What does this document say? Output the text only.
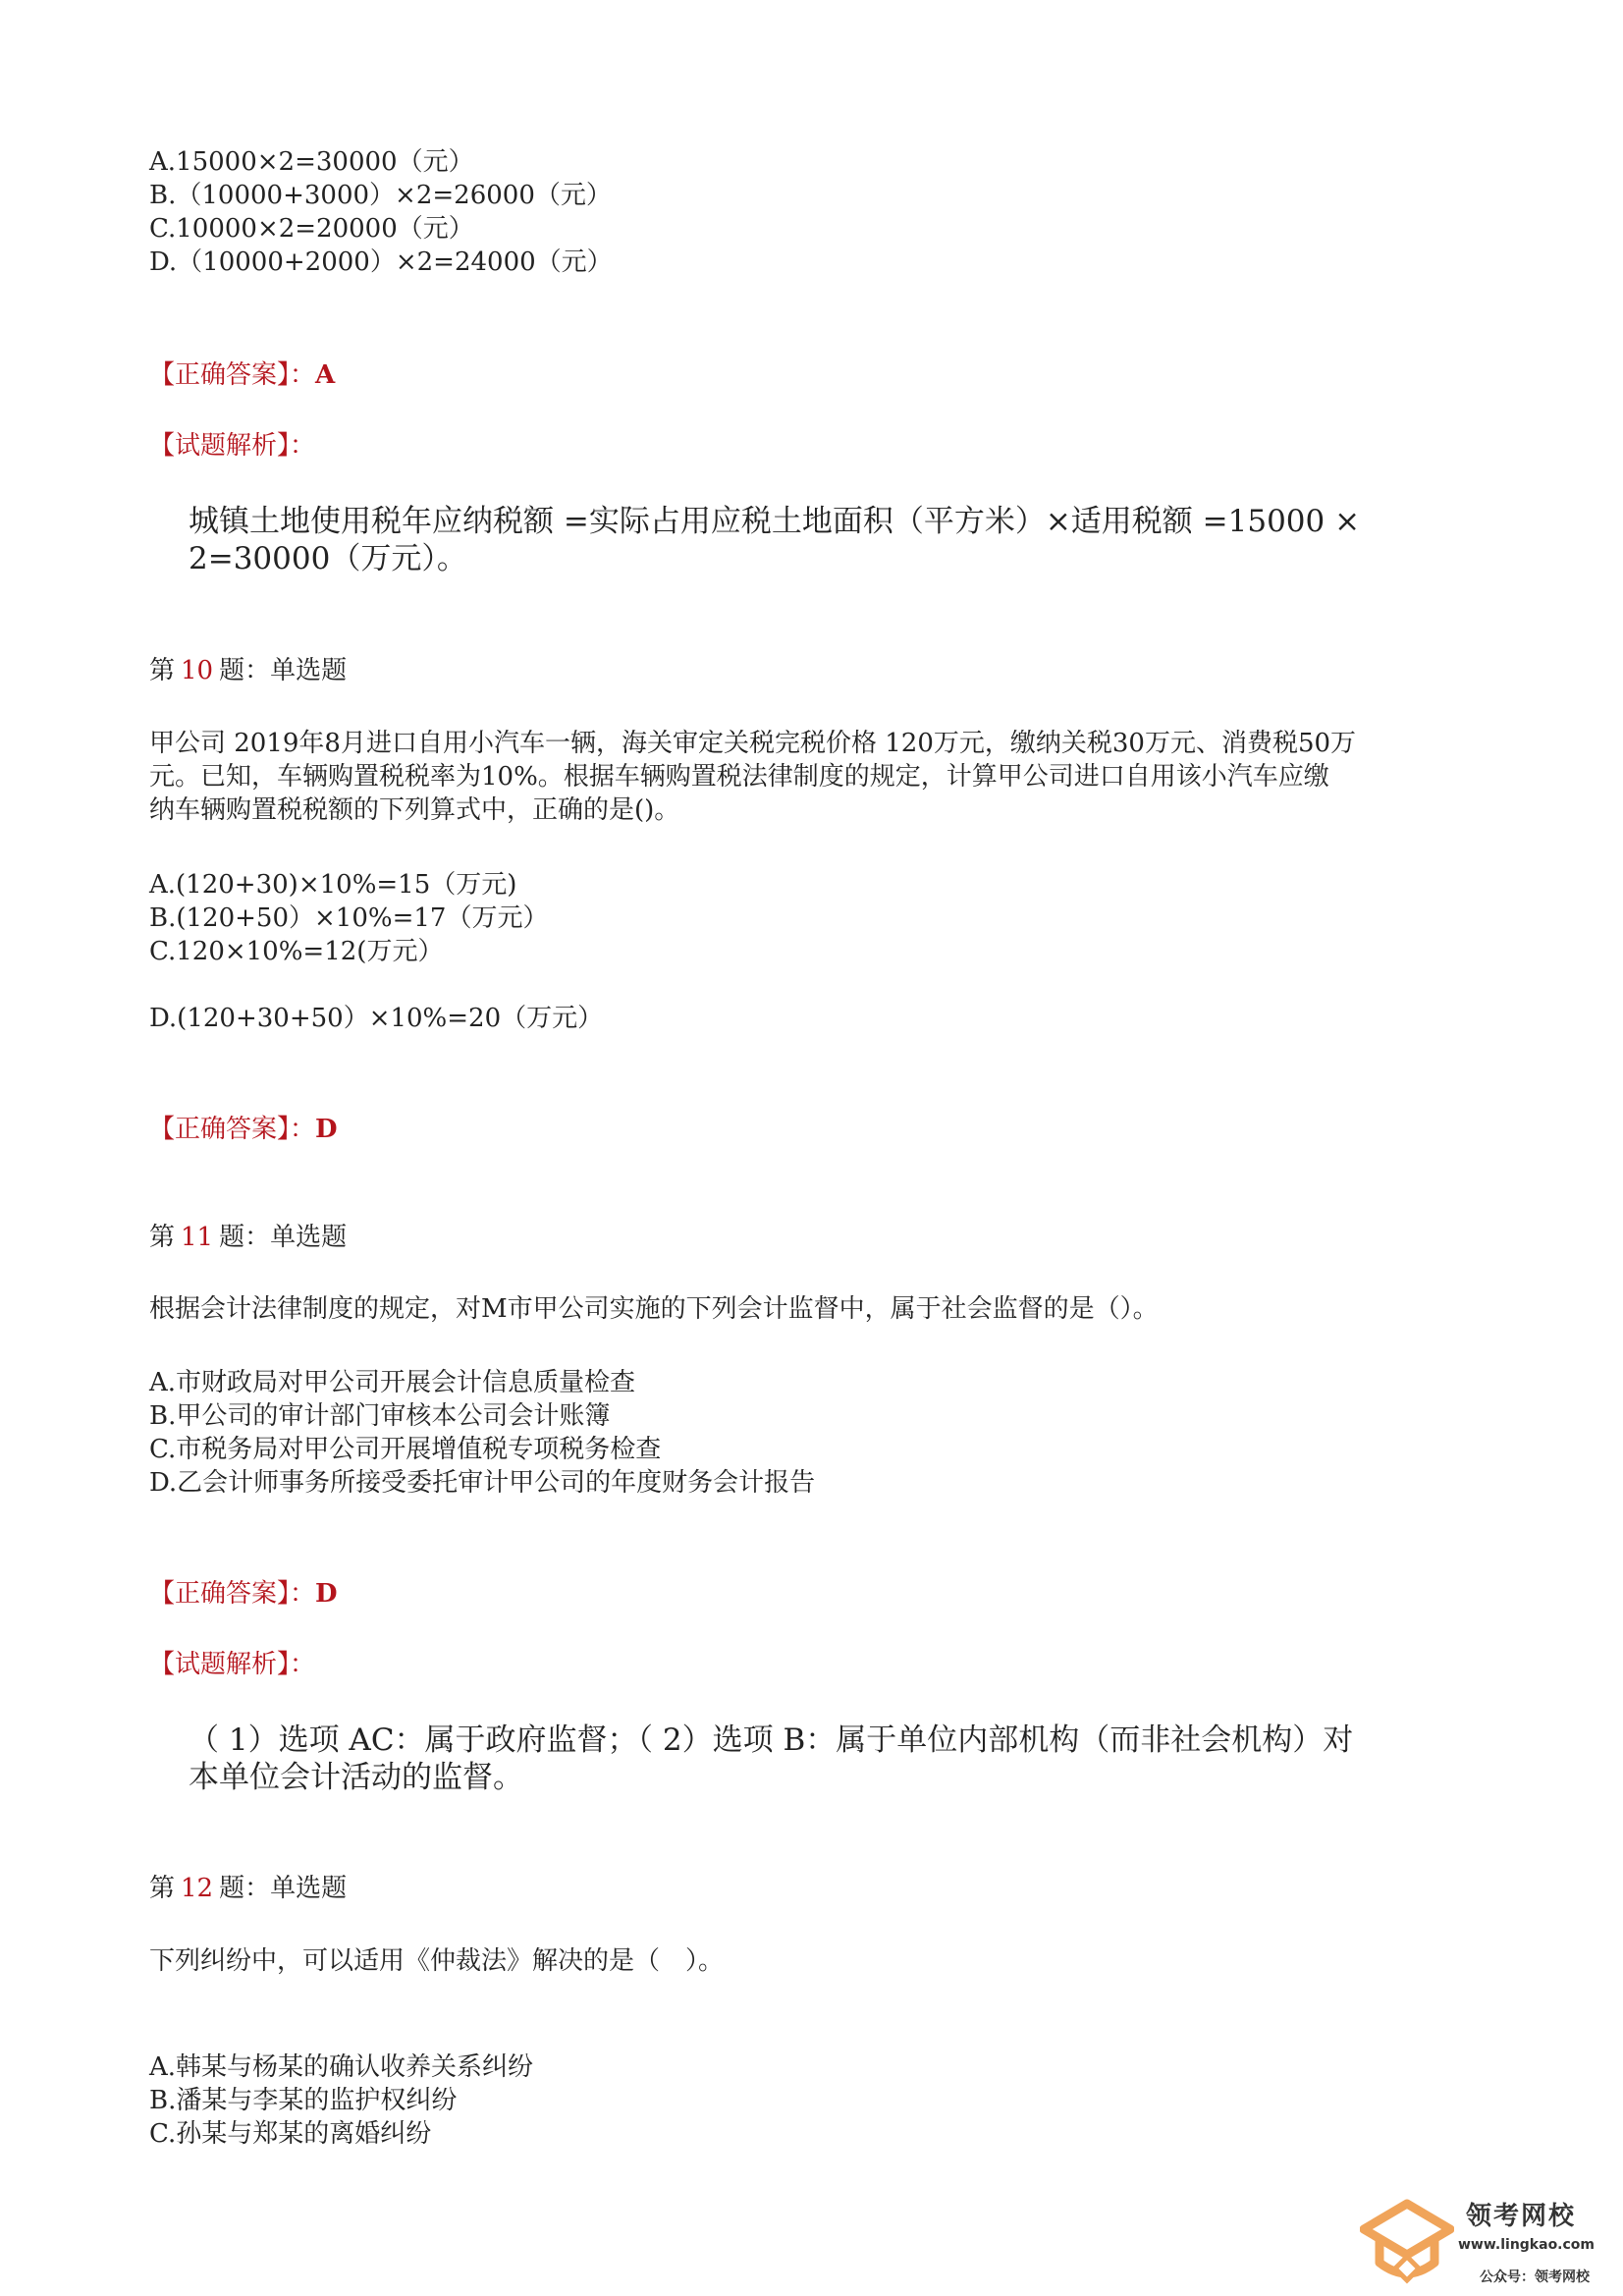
A.15000×2=30000（元）
B.（10000+3000）×2=26000（元）
C.10000×2=20000（元）
D.（10000+2000）×2=24000（元）
【正确答案】：A
【试题解析】：
城镇土地使用税年应纳税额 =实际占用应税土地面积（平方米）×适用税额 =15000 ×
2=30000（万元）。
第 10 题：单选题
甲公司 2019年8月进口自用小汽车一辆，海关审定关税完税价格 120万元，缴纳关税30万元、消费税50万
元。已知，车辆购置税税率为10%。根据车辆购置税法律制度的规定，计算甲公司进口自用该小汽车应缴
纳车辆购置税税额的下列算式中，正确的是()。
A.(120+30)×10%=15（万元)
B.(120+50）×10%=17（万元）
C.120×10%=12(万元）
D.(120+30+50）×10%=20（万元）
【正确答案】：D
第 11 题：单选题
根据会计法律制度的规定，对M市甲公司实施的下列会计监督中，属于社会监督的是（）。
A.市财政局对甲公司开展会计信息质量检查
B.甲公司的审计部门审核本公司会计账簿
C.市税务局对甲公司开展增值税专项税务检查
D.乙会计师事务所接受委托审计甲公司的年度财务会计报告
【正确答案】：D
【试题解析】：
（ 1）选项 AC：属于政府监督；（ 2）选项 B：属于单位内部机构（而非社会机构）对
本单位会计活动的监督。
第 12 题：单选题
下列纠纷中，可以适用《仲裁法》解决的是（　）。
A.韩某与杨某的确认收养关系纠纷
B.潘某与李某的监护权纠纷
C.孙某与郑某的离婚纠纷
领考网校
www.lingkao.com
公众号：领考网校
